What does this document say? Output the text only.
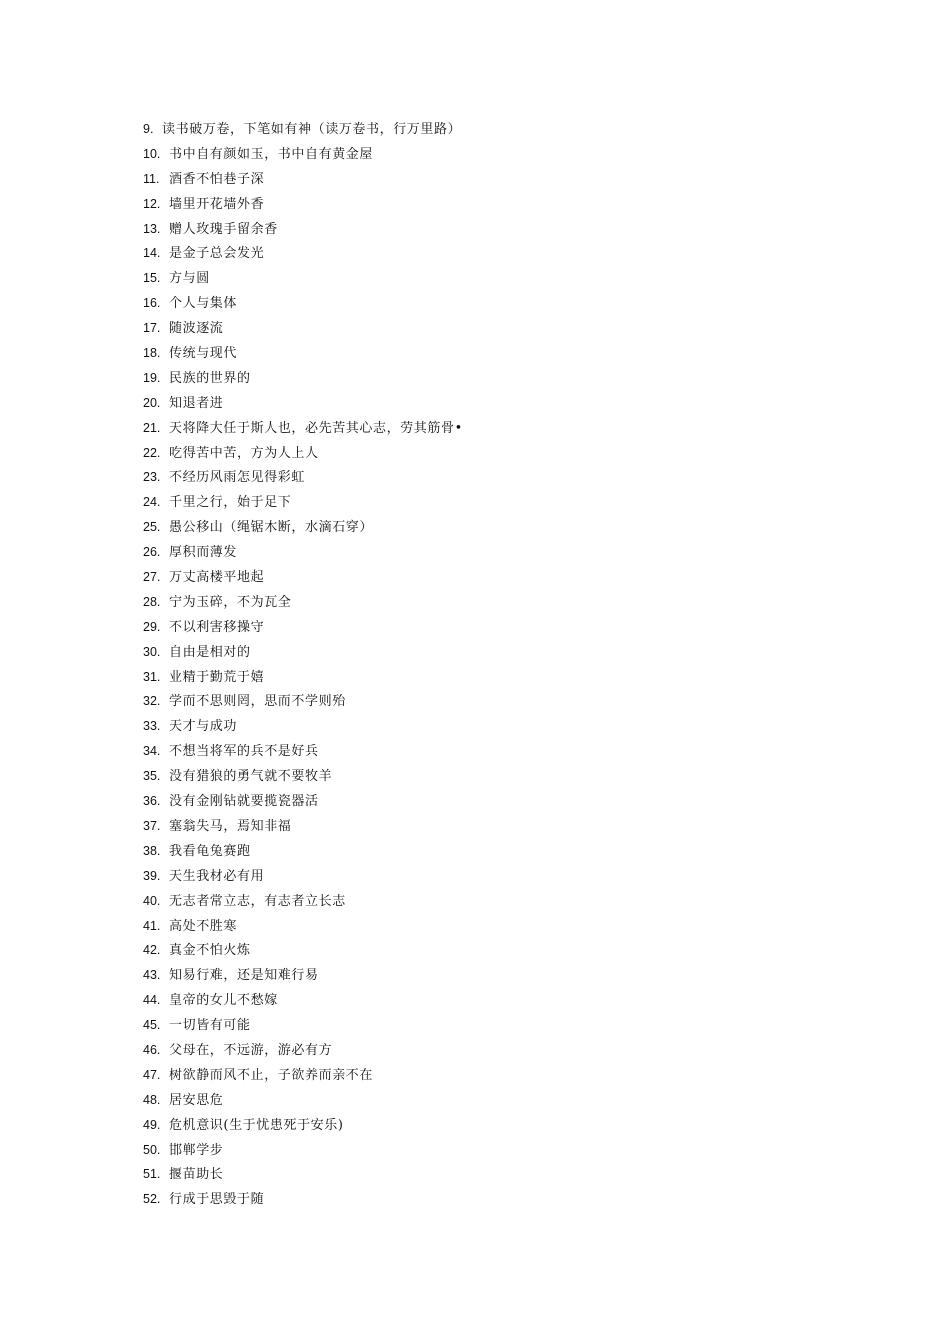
9. 读书破万卷，下笔如有神（读万卷书，行万里路）
10. 书中自有颜如玉，书中自有黄金屋
11. 酒香不怕巷子深
12. 墙里开花墙外香
13. 赠人玫瑰手留余香
14. 是金子总会发光
15. 方与圆
16. 个人与集体
17. 随波逐流
18. 传统与现代
19. 民族的世界的
20. 知退者进
21. 天将降大任于斯人也，必先苦其心志，劳其筋骨•
22. 吃得苦中苦，方为人上人
23. 不经历风雨怎见得彩虹
24. 千里之行，始于足下
25. 愚公移山（绳锯木断，水滴石穿）
26. 厚积而薄发
27. 万丈高楼平地起
28. 宁为玉碎，不为瓦全
29. 不以利害移操守
30. 自由是相对的
31. 业精于勤荒于嬉
32. 学而不思则罔，思而不学则殆
33. 天才与成功
34. 不想当将军的兵不是好兵
35. 没有猎狼的勇气就不要牧羊
36. 没有金刚钻就要揽瓷器活
37. 塞翁失马，焉知非福
38. 我看龟兔赛跑
39. 天生我材必有用
40. 无志者常立志，有志者立长志
41. 高处不胜寒
42. 真金不怕火炼
43. 知易行难，还是知难行易
44. 皇帝的女儿不愁嫁
45. 一切皆有可能
46. 父母在，不远游，游必有方
47. 树欲静而风不止，子欲养而亲不在
48. 居安思危
49. 危机意识(生于忧患死于安乐)
50. 邯郸学步
51. 揠苗助长
52. 行成于思毁于随
